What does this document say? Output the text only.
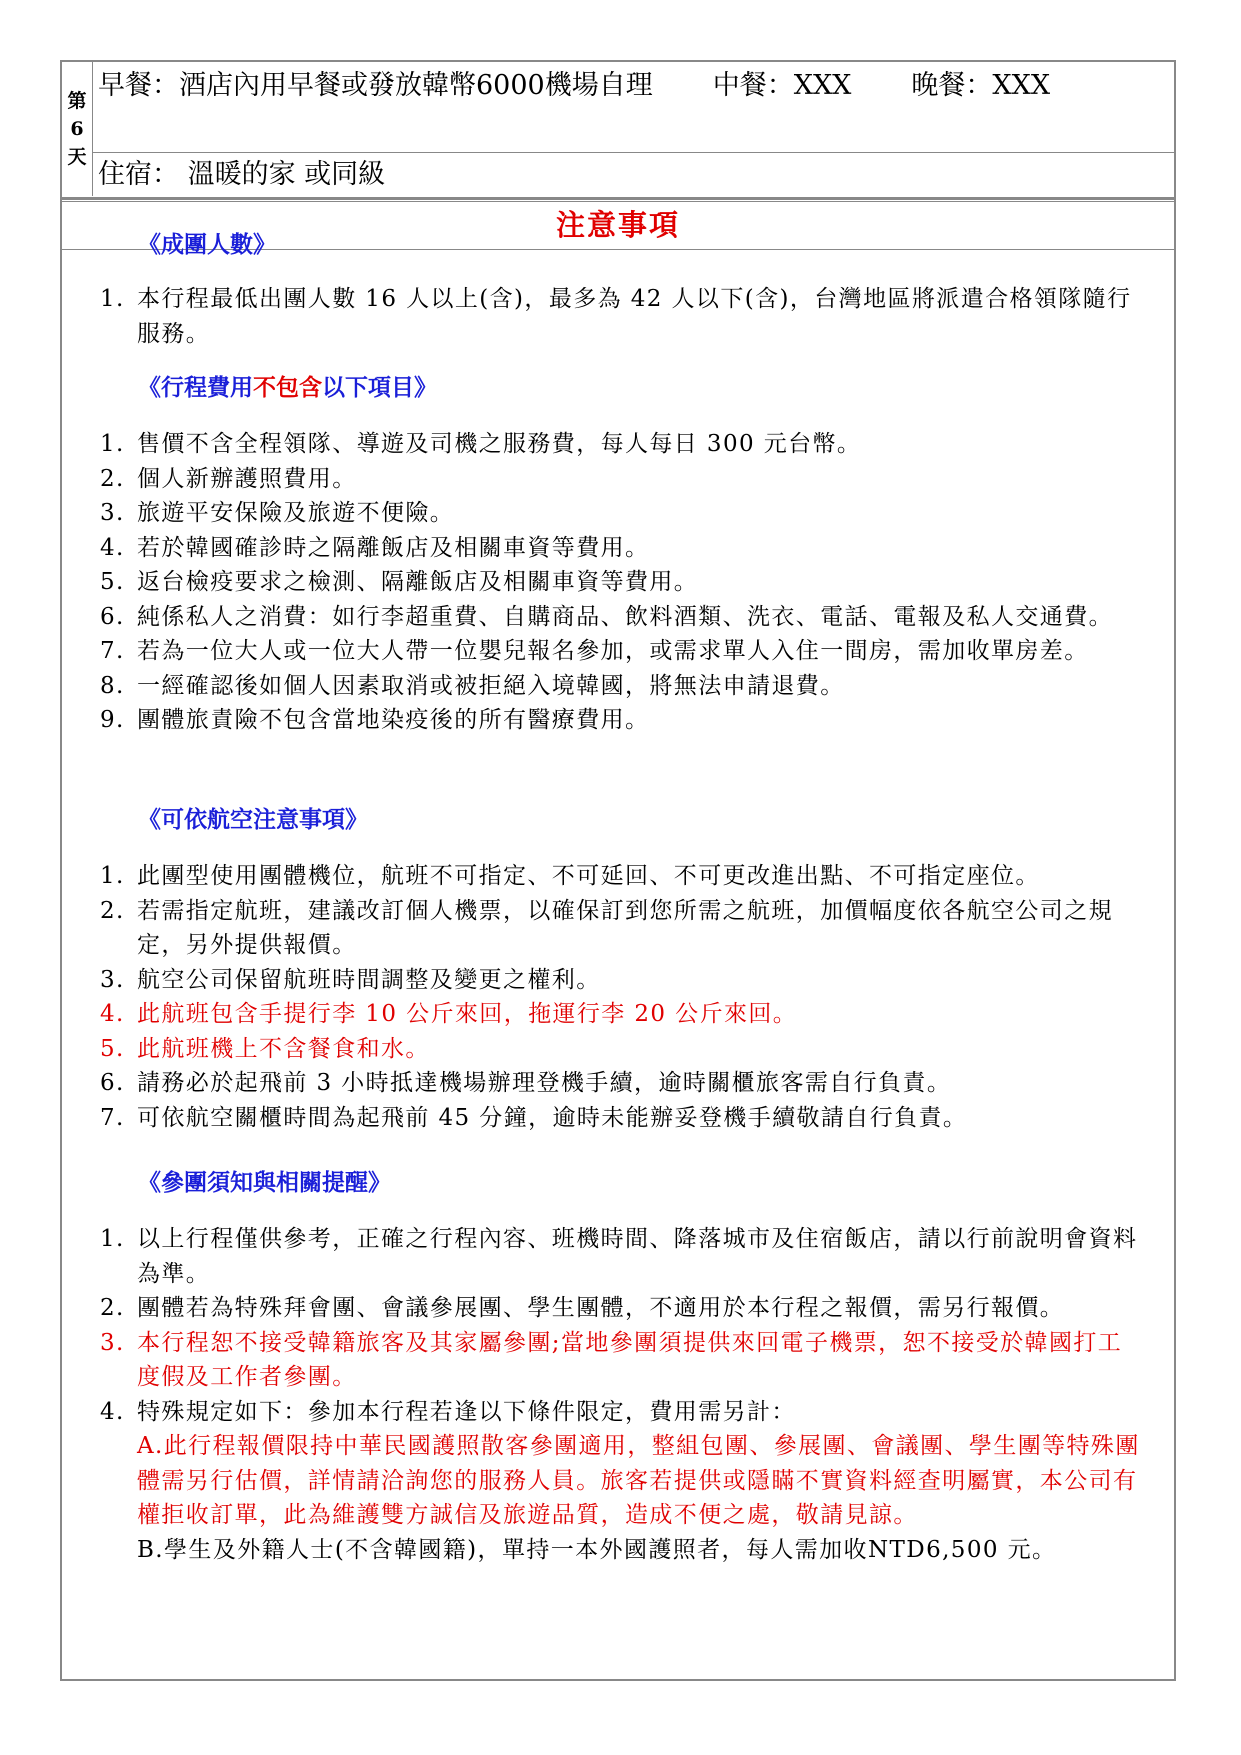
第
6
天
早餐：酒店內用早餐或發放韓幣6000機場自理 中餐：XXX 晚餐：XXX
住宿： 溫暖的家 或同級
注意事項
《成團人數》
1. 本行程最低出團人數 16 人以上(含)，最多為 42 人以下(含)，台灣地區將派遣合格領隊隨行服務。
《行程費用不包含以下項目》
1. 售價不含全程領隊、導遊及司機之服務費，每人每日 300 元台幣。
2. 個人新辦護照費用。
3. 旅遊平安保險及旅遊不便險。
4. 若於韓國確診時之隔離飯店及相關車資等費用。
5. 返台檢疫要求之檢測、隔離飯店及相關車資等費用。
6. 純係私人之消費：如行李超重費、自購商品、飲料酒類、洗衣、電話、電報及私人交通費。
7. 若為一位大人或一位大人帶一位嬰兒報名參加，或需求單人入住一間房，需加收單房差。
8. 一經確認後如個人因素取消或被拒絕入境韓國，將無法申請退費。
9. 團體旅責險不包含當地染疫後的所有醫療費用。
《可依航空注意事項》
1. 此團型使用團體機位，航班不可指定、不可延回、不可更改進出點、不可指定座位。
2. 若需指定航班，建議改訂個人機票，以確保訂到您所需之航班，加價幅度依各航空公司之規定，另外提供報價。
3. 航空公司保留航班時間調整及變更之權利。
4. 此航班包含手提行李 10 公斤來回，拖運行李 20 公斤來回。
5. 此航班機上不含餐食和水。
6. 請務必於起飛前 3 小時抵達機場辦理登機手續，逾時關櫃旅客需自行負責。
7. 可依航空關櫃時間為起飛前 45 分鐘，逾時未能辦妥登機手續敬請自行負責。
《參團須知與相關提醒》
1. 以上行程僅供參考，正確之行程內容、班機時間、降落城市及住宿飯店，請以行前說明會資料為準。
2. 團體若為特殊拜會團、會議參展團、學生團體，不適用於本行程之報價，需另行報價。
3. 本行程恕不接受韓籍旅客及其家屬參團;當地參團須提供來回電子機票，恕不接受於韓國打工度假及工作者參團。
4. 特殊規定如下：參加本行程若逢以下條件限定，費用需另計：
A.此行程報價限持中華民國護照散客參團適用，整組包團、參展團、會議團、學生團等特殊團體需另行估價，詳情請洽詢您的服務人員。旅客若提供或隱瞞不實資料經查明屬實，本公司有權拒收訂單，此為維護雙方誠信及旅遊品質，造成不便之處，敬請見諒。
B.學生及外籍人士(不含韓國籍)，單持一本外國護照者，每人需加收NTD6,500 元。
